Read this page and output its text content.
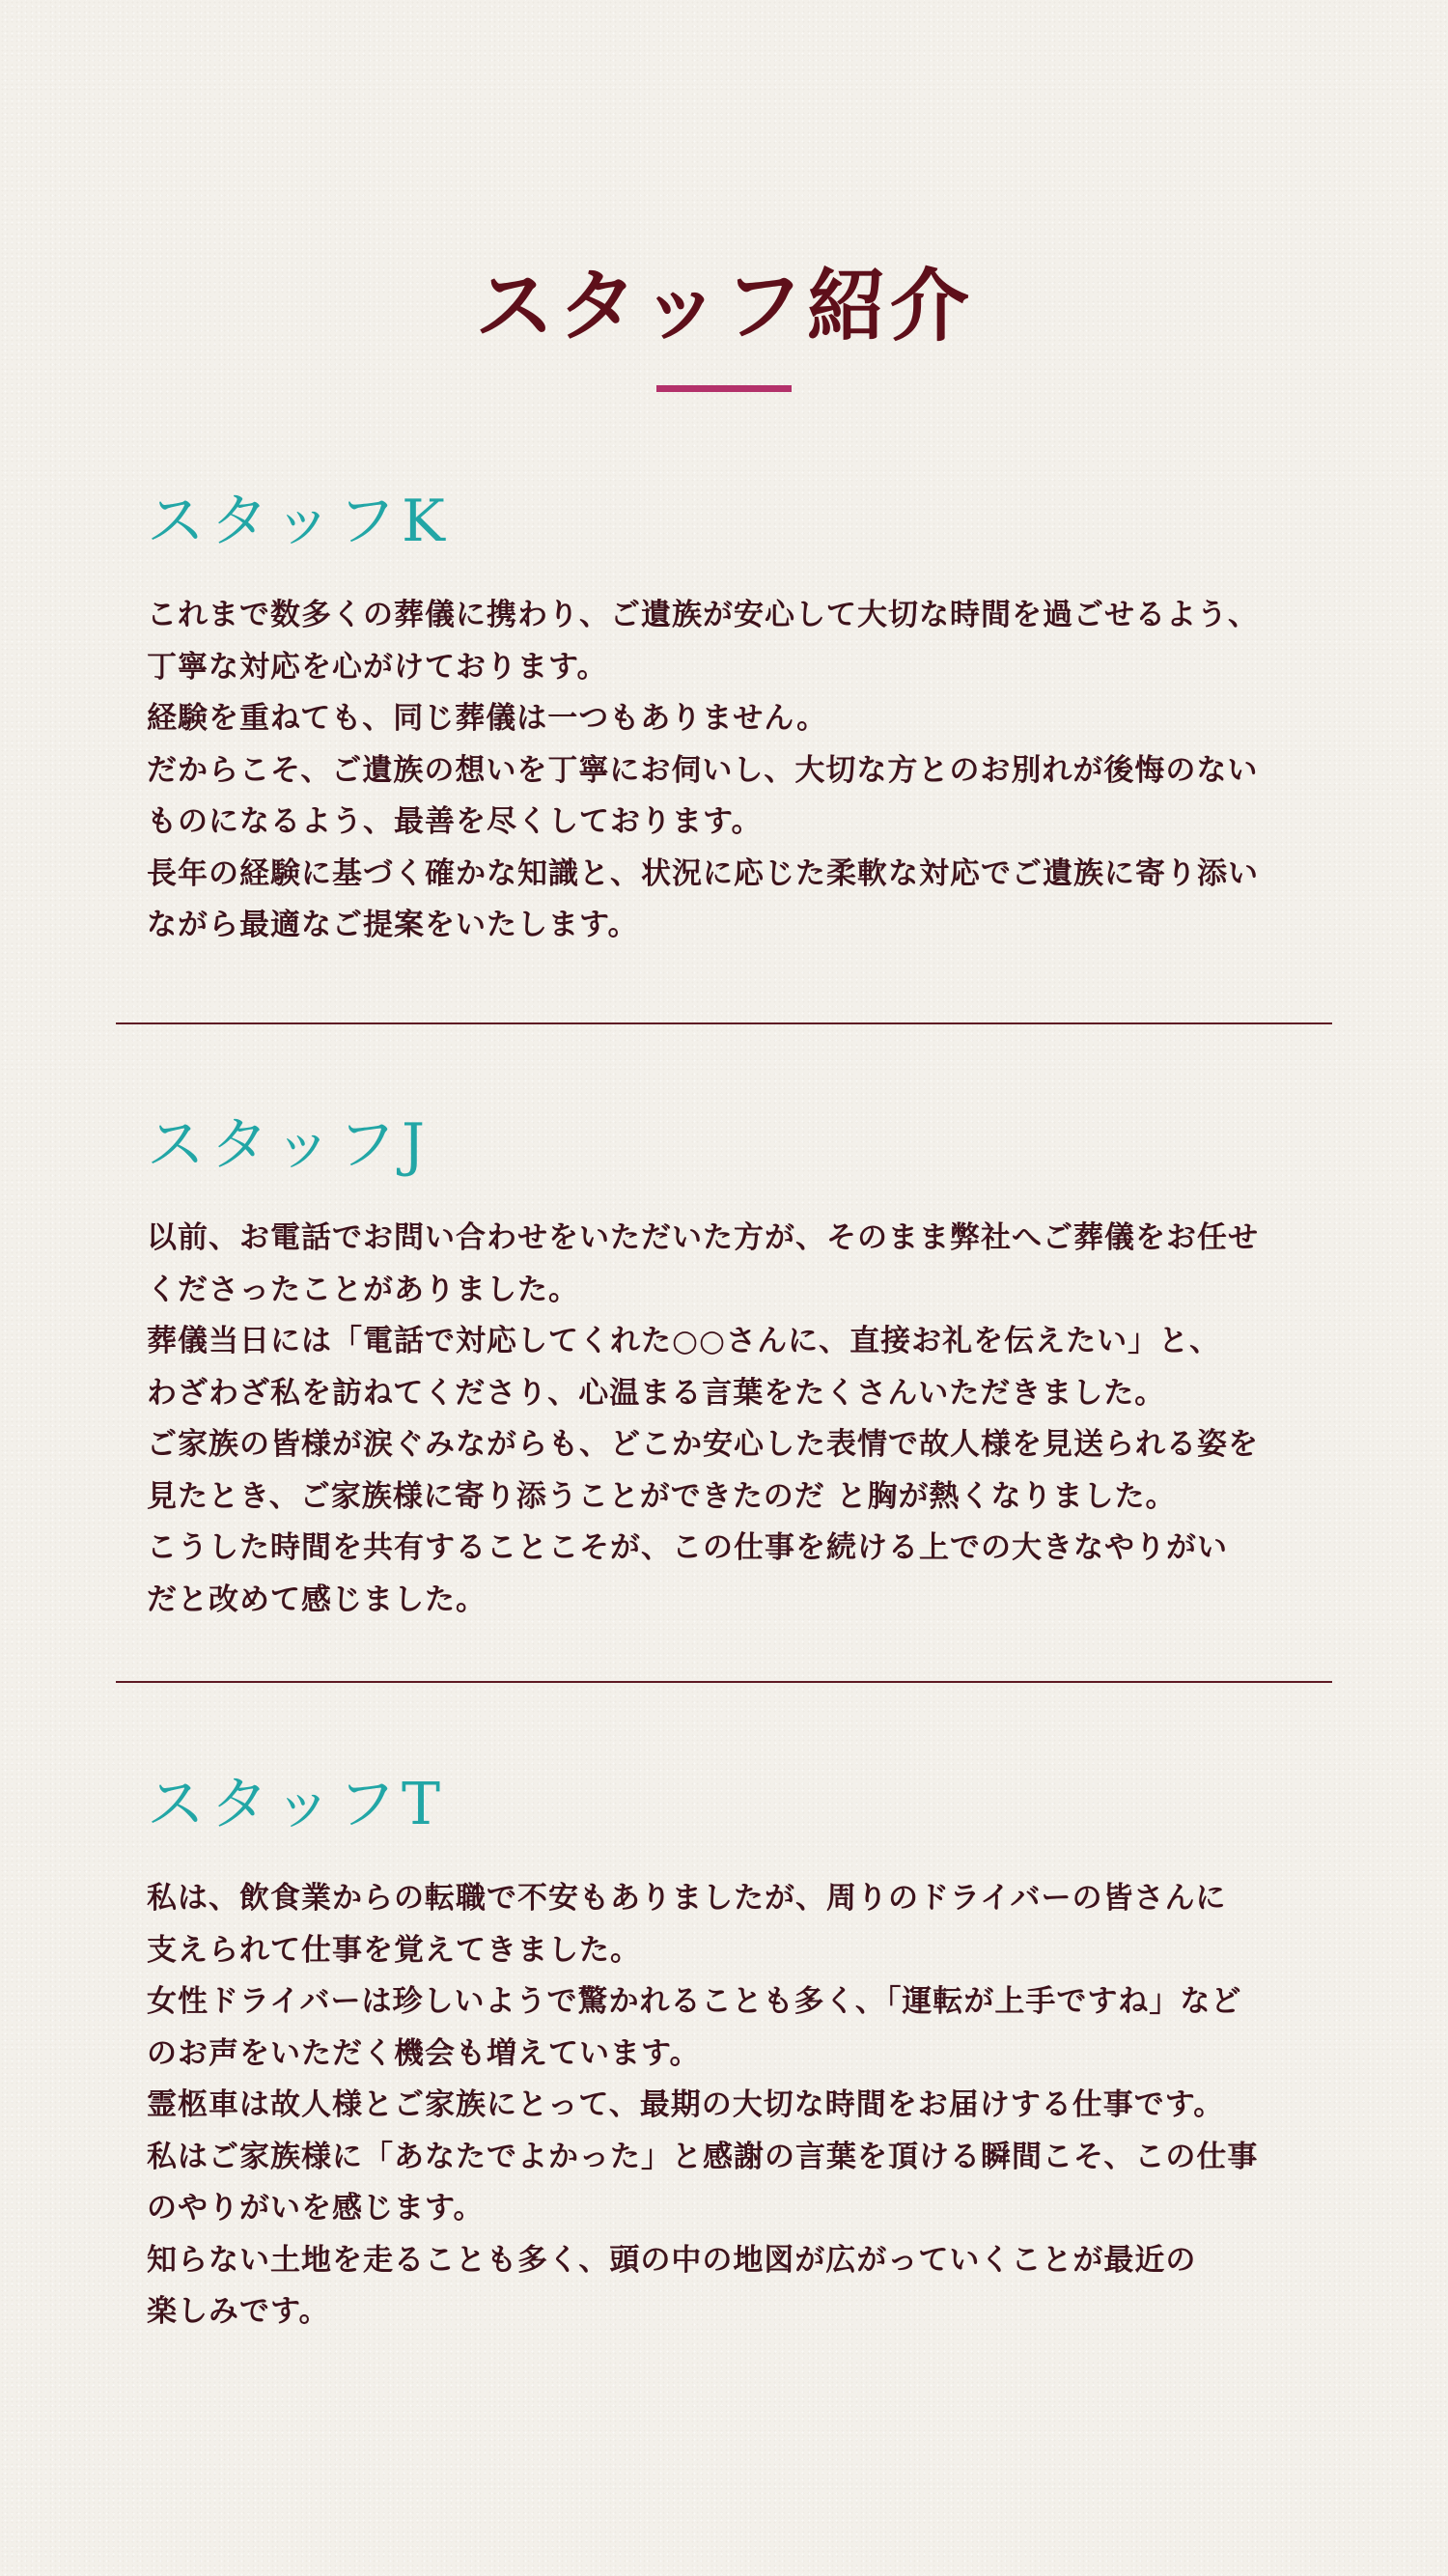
スタッフ紹介
スタッフK
これまで数多くの葬儀に携わり、ご遺族が安心して大切な時間を過ごせるよう、
丁寧な対応を心がけております。
経験を重ねても、同じ葬儀は一つもありません。
だからこそ、ご遺族の想いを丁寧にお伺いし、大切な方とのお別れが後悔のない
ものになるよう、最善を尽くしております。
長年の経験に基づく確かな知識と、状況に応じた柔軟な対応でご遺族に寄り添い
ながら最適なご提案をいたします。
スタッフJ
以前、お電話でお問い合わせをいただいた方が、そのまま弊社へご葬儀をお任せ
くださったことがありました。
葬儀当日には「電話で対応してくれた○○さんに、直接お礼を伝えたい」と、
わざわざ私を訪ねてくださり、心温まる言葉をたくさんいただきました。
ご家族の皆様が涙ぐみながらも、どこか安心した表情で故人様を見送られる姿を
見たとき、ご家族様に寄り添うことができたのだ と胸が熱くなりました。
こうした時間を共有することこそが、この仕事を続ける上での大きなやりがい
だと改めて感じました。
スタッフT
私は、飲食業からの転職で不安もありましたが、周りのドライバーの皆さんに
支えられて仕事を覚えてきました。
女性ドライバーは珍しいようで驚かれることも多く、「運転が上手ですね」など
のお声をいただく機会も増えています。
霊柩車は故人様とご家族にとって、最期の大切な時間をお届けする仕事です。
私はご家族様に「あなたでよかった」と感謝の言葉を頂ける瞬間こそ、この仕事
のやりがいを感じます。
知らない土地を走ることも多く、頭の中の地図が広がっていくことが最近の
楽しみです。
